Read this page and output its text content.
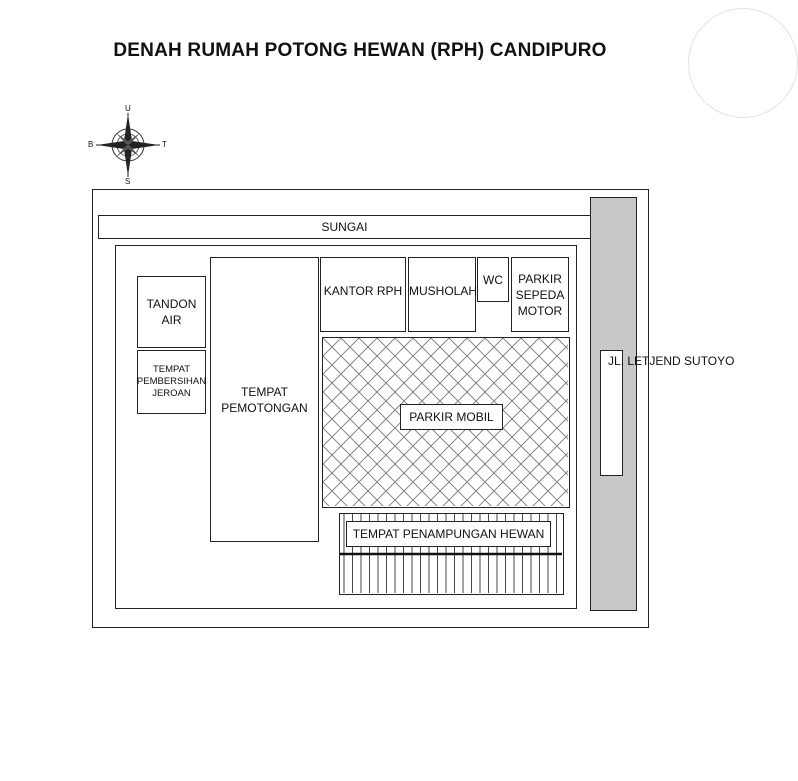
DENAH RUMAH POTONG HEWAN (RPH) CANDIPURO
U
S
B	T
SUNGAI
JL. LETJEND SUTOYO
TANDON
AIR
TEMPAT
PEMBERSIHAN
JEROAN	TEMPAT
PEMOTONGAN
KANTOR RPH MUSHOLAH
WC	PARKIR
SEPEDA
MOTOR
PARKIR MOBIL
TEMPAT PENAMPUNGAN HEWAN
